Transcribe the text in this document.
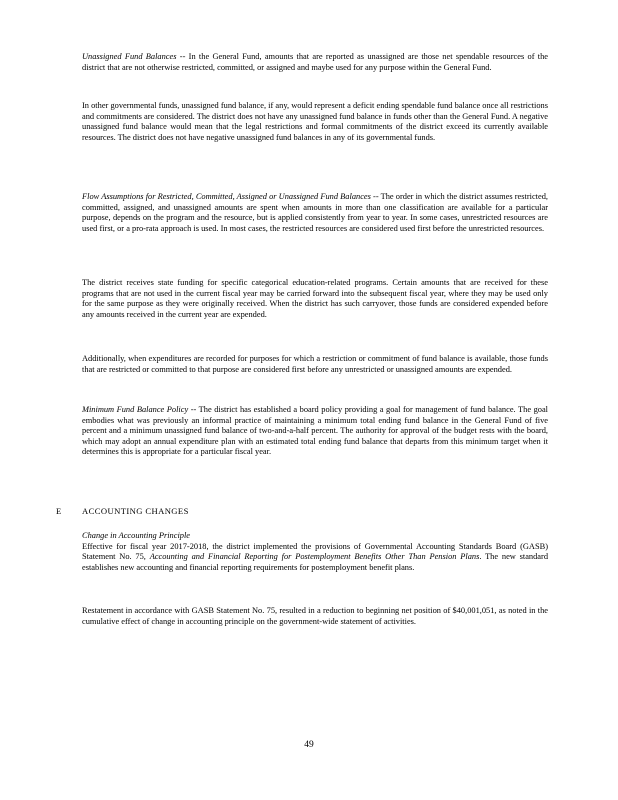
Unassigned Fund Balances -- In the General Fund, amounts that are reported as unassigned are those net spendable resources of the district that are not otherwise restricted, committed, or assigned and maybe used for any purpose within the General Fund.

In other governmental funds, unassigned fund balance, if any, would represent a deficit ending spendable fund balance once all restrictions and commitments are considered. The district does not have any unassigned fund balance in funds other than the General Fund. A negative unassigned fund balance would mean that the legal restrictions and formal commitments of the district exceed its currently available resources. The district does not have negative unassigned fund balances in any of its governmental funds.

Flow Assumptions for Restricted, Committed, Assigned or Unassigned Fund Balances -- The order in which the district assumes restricted, committed, assigned, and unassigned amounts are spent when amounts in more than one classification are available for a particular purpose, depends on the program and the resource, but is applied consistently from year to year. In some cases, unrestricted resources are used first, or a pro-rata approach is used. In most cases, the restricted resources are considered used first before the unrestricted resources.

The district receives state funding for specific categorical education-related programs. Certain amounts that are received for these programs that are not used in the current fiscal year may be carried forward into the subsequent fiscal year, where they may be used only for the same purpose as they were originally received. When the district has such carryover, those funds are considered expended before any amounts received in the current year are expended.

Additionally, when expenditures are recorded for purposes for which a restriction or commitment of fund balance is available, those funds that are restricted or committed to that purpose are considered first before any unrestricted or unassigned amounts are expended.

Minimum Fund Balance Policy -- The district has established a board policy providing a goal for management of fund balance. The goal embodies what was previously an informal practice of maintaining a minimum total ending fund balance in the General Fund of five percent and a minimum unassigned fund balance of two-and-a-half percent. The authority for approval of the budget rests with the board, which may adopt an annual expenditure plan with an estimated total ending fund balance that departs from this minimum target when it determines this is appropriate for a particular fiscal year.

E ACCOUNTING CHANGES
Change in Accounting Principle

Effective for fiscal year 2017-2018, the district implemented the provisions of Governmental Accounting Standards Board (GASB) Statement No. 75, Accounting and Financial Reporting for Postemployment Benefits Other Than Pension Plans. The new standard establishes new accounting and financial reporting requirements for postemployment benefit plans.

Restatement in accordance with GASB Statement No. 75, resulted in a reduction to beginning net position of $40,001,051, as noted in the cumulative effect of change in accounting principle on the government-wide statement of activities.

49
